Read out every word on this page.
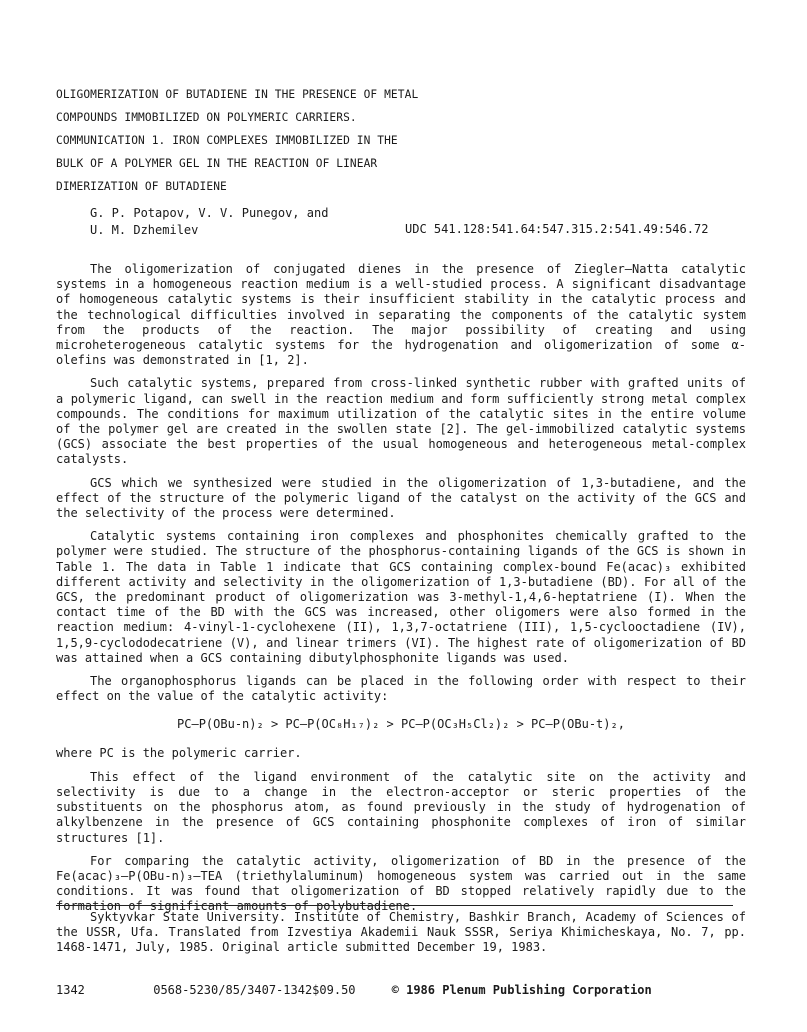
OLIGOMERIZATION OF BUTADIENE IN THE PRESENCE OF METAL
COMPOUNDS IMMOBILIZED ON POLYMERIC CARRIERS.
COMMUNICATION 1. IRON COMPLEXES IMMOBILIZED IN THE
BULK OF A POLYMER GEL IN THE REACTION OF LINEAR
DIMERIZATION OF BUTADIENE
G. P. Potapov, V. V. Punegov, and
U. M. Dzhemilev	UDC 541.128:541.64:547.315.2:541.49:546.72

The oligomerization of conjugated dienes in the presence of Ziegler–Natta catalytic systems in a homogeneous reaction medium is a well-studied process. A significant disadvantage of homogeneous catalytic systems is their insufficient stability in the catalytic process and the technological difficulties involved in separating the components of the catalytic system from the products of the reaction. The major possibility of creating and using microheterogeneous catalytic systems for the hydrogenation and oligomerization of some α-olefins was demonstrated in [1, 2].

Such catalytic systems, prepared from cross-linked synthetic rubber with grafted units of a polymeric ligand, can swell in the reaction medium and form sufficiently strong metal complex compounds. The conditions for maximum utilization of the catalytic sites in the entire volume of the polymer gel are created in the swollen state [2]. The gel-immobilized catalytic systems (GCS) associate the best properties of the usual homogeneous and heterogeneous metal-complex catalysts.

GCS which we synthesized were studied in the oligomerization of 1,3-butadiene, and the effect of the structure of the polymeric ligand of the catalyst on the activity of the GCS and the selectivity of the process were determined.

Catalytic systems containing iron complexes and phosphonites chemically grafted to the polymer were studied. The structure of the phosphorus-containing ligands of the GCS is shown in Table 1. The data in Table 1 indicate that GCS containing complex-bound Fe(acac)₃ exhibited different activity and selectivity in the oligomerization of 1,3-butadiene (BD). For all of the GCS, the predominant product of oligomerization was 3-methyl-1,4,6-heptatriene (I). When the contact time of the BD with the GCS was increased, other oligomers were also formed in the reaction medium: 4-vinyl-1-cyclohexene (II), 1,3,7-octatriene (III), 1,5-cyclooctadiene (IV), 1,5,9-cyclododecatriene (V), and linear trimers (VI). The highest rate of oligomerization of BD was attained when a GCS containing dibutylphosphonite ligands was used.

The organophosphorus ligands can be placed in the following order with respect to their effect on the value of the catalytic activity:

PC–P(OBu-n)₂ > PC–P(OC₈H₁₇)₂ > PC–P(OC₃H₅Cl₂)₂ > PC–P(OBu-t)₂,

where PC is the polymeric carrier.

This effect of the ligand environment of the catalytic site on the activity and selectivity is due to a change in the electron-acceptor or steric properties of the substituents on the phosphorus atom, as found previously in the study of hydrogenation of alkylbenzene in the presence of GCS containing phosphonite complexes of iron of similar structures [1].

For comparing the catalytic activity, oligomerization of BD in the presence of the Fe(acac)₃–P(OBu-n)₃–TEA (triethylaluminum) homogeneous system was carried out in the same conditions. It was found that oligomerization of BD stopped relatively rapidly due to the formation of significant amounts of polybutadiene.

Syktyvkar State University. Institute of Chemistry, Bashkir Branch, Academy of Sciences of the USSR, Ufa. Translated from Izvestiya Akademii Nauk SSSR, Seriya Khimicheskaya, No. 7, pp. 1468-1471, July, 1985. Original article submitted December 19, 1983.
1342	0568-5230/85/3407-1342$09.50	© 1986 Plenum Publishing Corporation
